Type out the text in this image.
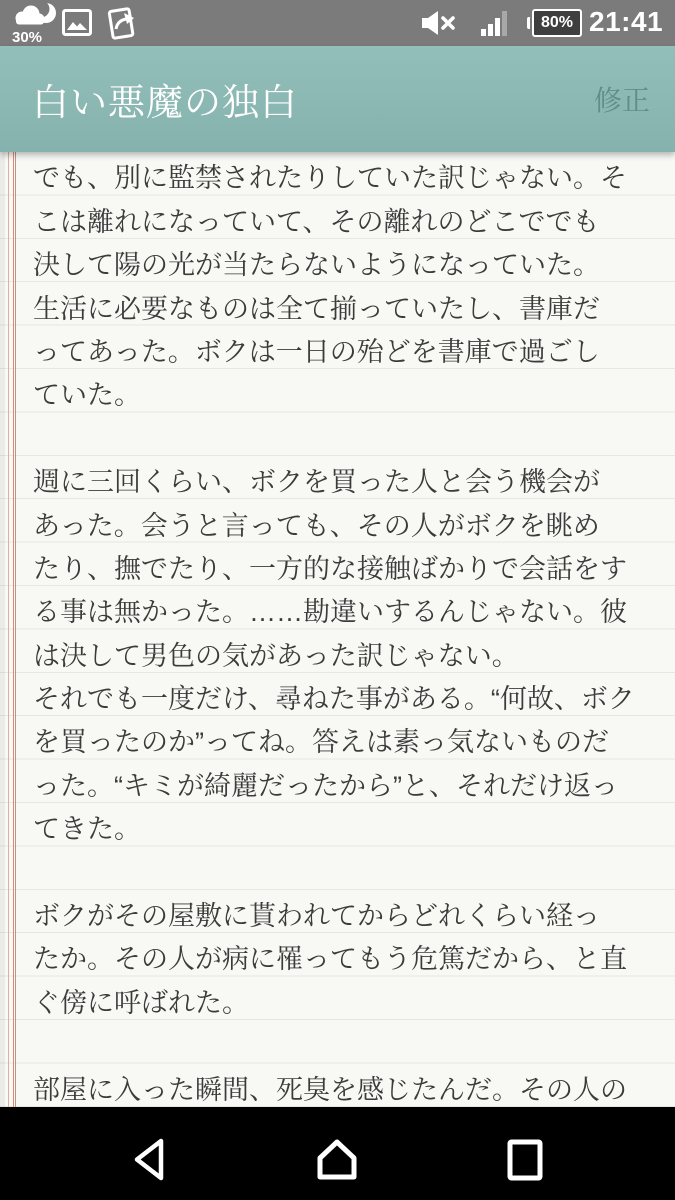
30%
80% 21:41
白い悪魔の独白	修正
でも、別に監禁されたりしていた訳じゃない。そ
こは離れになっていて、その離れのどこででも
決して陽の光が当たらないようになっていた。
生活に必要なものは全て揃っていたし、書庫だ
ってあった。ボクは一日の殆どを書庫で過ごし
ていた。
週に三回くらい、ボクを買った人と会う機会が
あった。会うと言っても、その人がボクを眺め
たり、撫でたり、一方的な接触ばかりで会話をす
る事は無かった。……勘違いするんじゃない。彼
は決して男色の気があった訳じゃない。
それでも一度だけ、尋ねた事がある。“何故、ボク
を買ったのか”ってね。答えは素っ気ないものだ
った。“キミが綺麗だったから”と、それだけ返っ
てきた。
ボクがその屋敷に貰われてからどれくらい経っ
たか。その人が病に罹ってもう危篤だから、と直
ぐ傍に呼ばれた。
部屋に入った瞬間、死臭を感じたんだ。その人の
